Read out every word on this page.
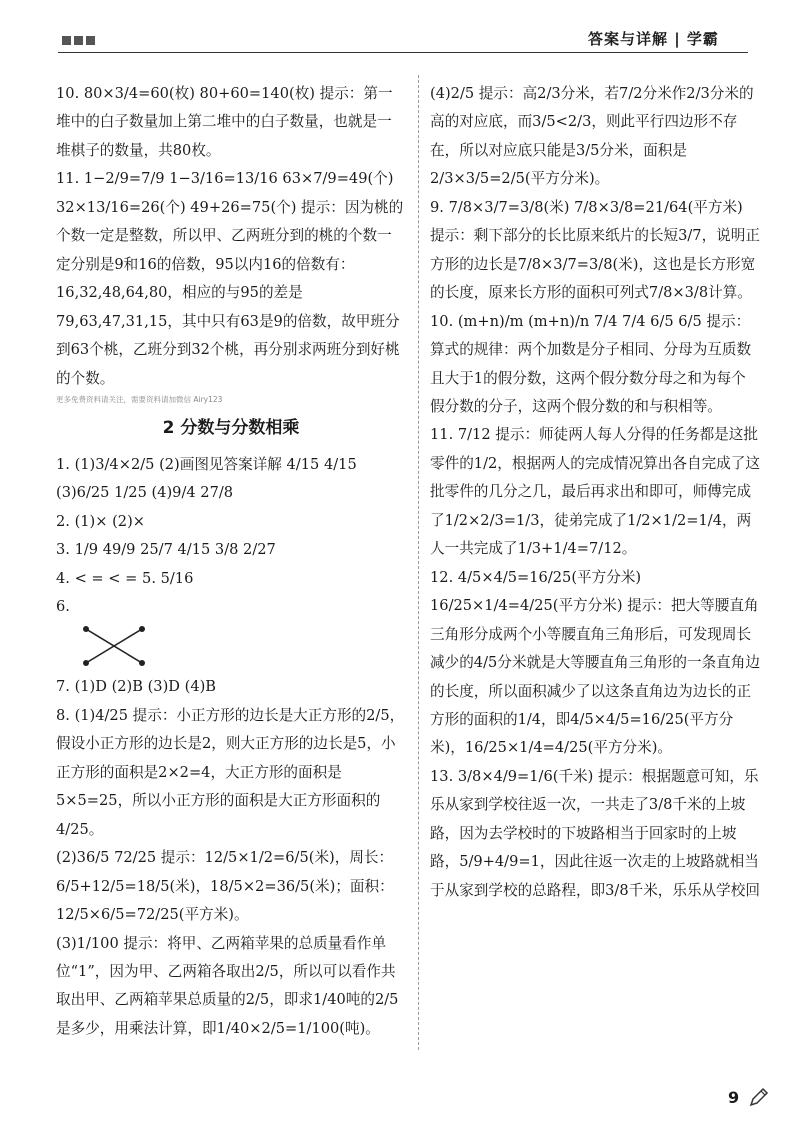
答案与详解 | 学霸

10. 80×3/4=60(枚) 80+60=140(枚) 提示：第一堆中的白子数量加上第二堆中的白子数量，也就是一堆棋子的数量，共80枚。

11. 1−2/9=7/9 1−3/16=13/16 63×7/9=49(个) 32×13/16=26(个) 49+26=75(个) 提示：因为桃的个数一定是整数，所以甲、乙两班分到的桃的个数一定分别是9和16的倍数，95以内16的倍数有：16,32,48,64,80，相应的与95的差是79,63,47,31,15，其中只有63是9的倍数，故甲班分到63个桃，乙班分到32个桃，再分别求两班分到好桃的个数。

更多免费资料请关注，需要资料请加微信 Airy123
2 分数与分数相乘

1. (1)3/4×2/5 (2)画图见答案详解 4/15 4/15

(3)6/25 1/25 (4)9/4 27/8

2. (1)× (2)×

3. 1/9 49/9 25/7 4/15 3/8 2/27

4. < = < = 5. 5/16

6.

7. (1)D (2)B (3)D (4)B

8. (1)4/25 提示：小正方形的边长是大正方形的2/5，假设小正方形的边长是2，则大正方形的边长是5，小正方形的面积是2×2=4，大正方形的面积是5×5=25，所以小正方形的面积是大正方形面积的4/25。

(2)36/5 72/25 提示：12/5×1/2=6/5(米)，周长：6/5+12/5=18/5(米)，18/5×2=36/5(米)；面积：12/5×6/5=72/25(平方米)。

(3)1/100 提示：将甲、乙两箱苹果的总质量看作单位“1”，因为甲、乙两箱各取出2/5，所以可以看作共取出甲、乙两箱苹果总质量的2/5，即求1/40吨的2/5是多少，用乘法计算，即1/40×2/5=1/100(吨)。

(4)2/5 提示：高2/3分米，若7/2分米作2/3分米的高的对应底，而3/5<2/3，则此平行四边形不存在，所以对应底只能是3/5分米，面积是2/3×3/5=2/5(平方分米)。

9. 7/8×3/7=3/8(米) 7/8×3/8=21/64(平方米) 提示：剩下部分的长比原来纸片的长短3/7，说明正方形的边长是7/8×3/7=3/8(米)，这也是长方形宽的长度，原来长方形的面积可列式7/8×3/8计算。

10. (m+n)/m (m+n)/n 7/4 7/4 6/5 6/5 提示：算式的规律：两个加数是分子相同、分母为互质数且大于1的假分数，这两个假分数分母之和为每个假分数的分子，这两个假分数的和与积相等。

11. 7/12 提示：师徒两人每人分得的任务都是这批零件的1/2，根据两人的完成情况算出各自完成了这批零件的几分之几，最后再求出和即可，师傅完成了1/2×2/3=1/3，徒弟完成了1/2×1/2=1/4，两人一共完成了1/3+1/4=7/12。

12. 4/5×4/5=16/25(平方分米) 16/25×1/4=4/25(平方分米) 提示：把大等腰直角三角形分成两个小等腰直角三角形后，可发现周长减少的4/5分米就是大等腰直角三角形的一条直角边的长度，所以面积减少了以这条直角边为边长的正方形的面积的1/4，即4/5×4/5=16/25(平方分米)，16/25×1/4=4/25(平方分米)。

13. 3/8×4/9=1/6(千米) 提示：根据题意可知，乐乐从家到学校往返一次，一共走了3/8千米的上坡路，因为去学校时的下坡路相当于回家时的上坡路，5/9+4/9=1，因此往返一次走的上坡路就相当于从家到学校的总路程，即3/8千米，乐乐从学校回

9
